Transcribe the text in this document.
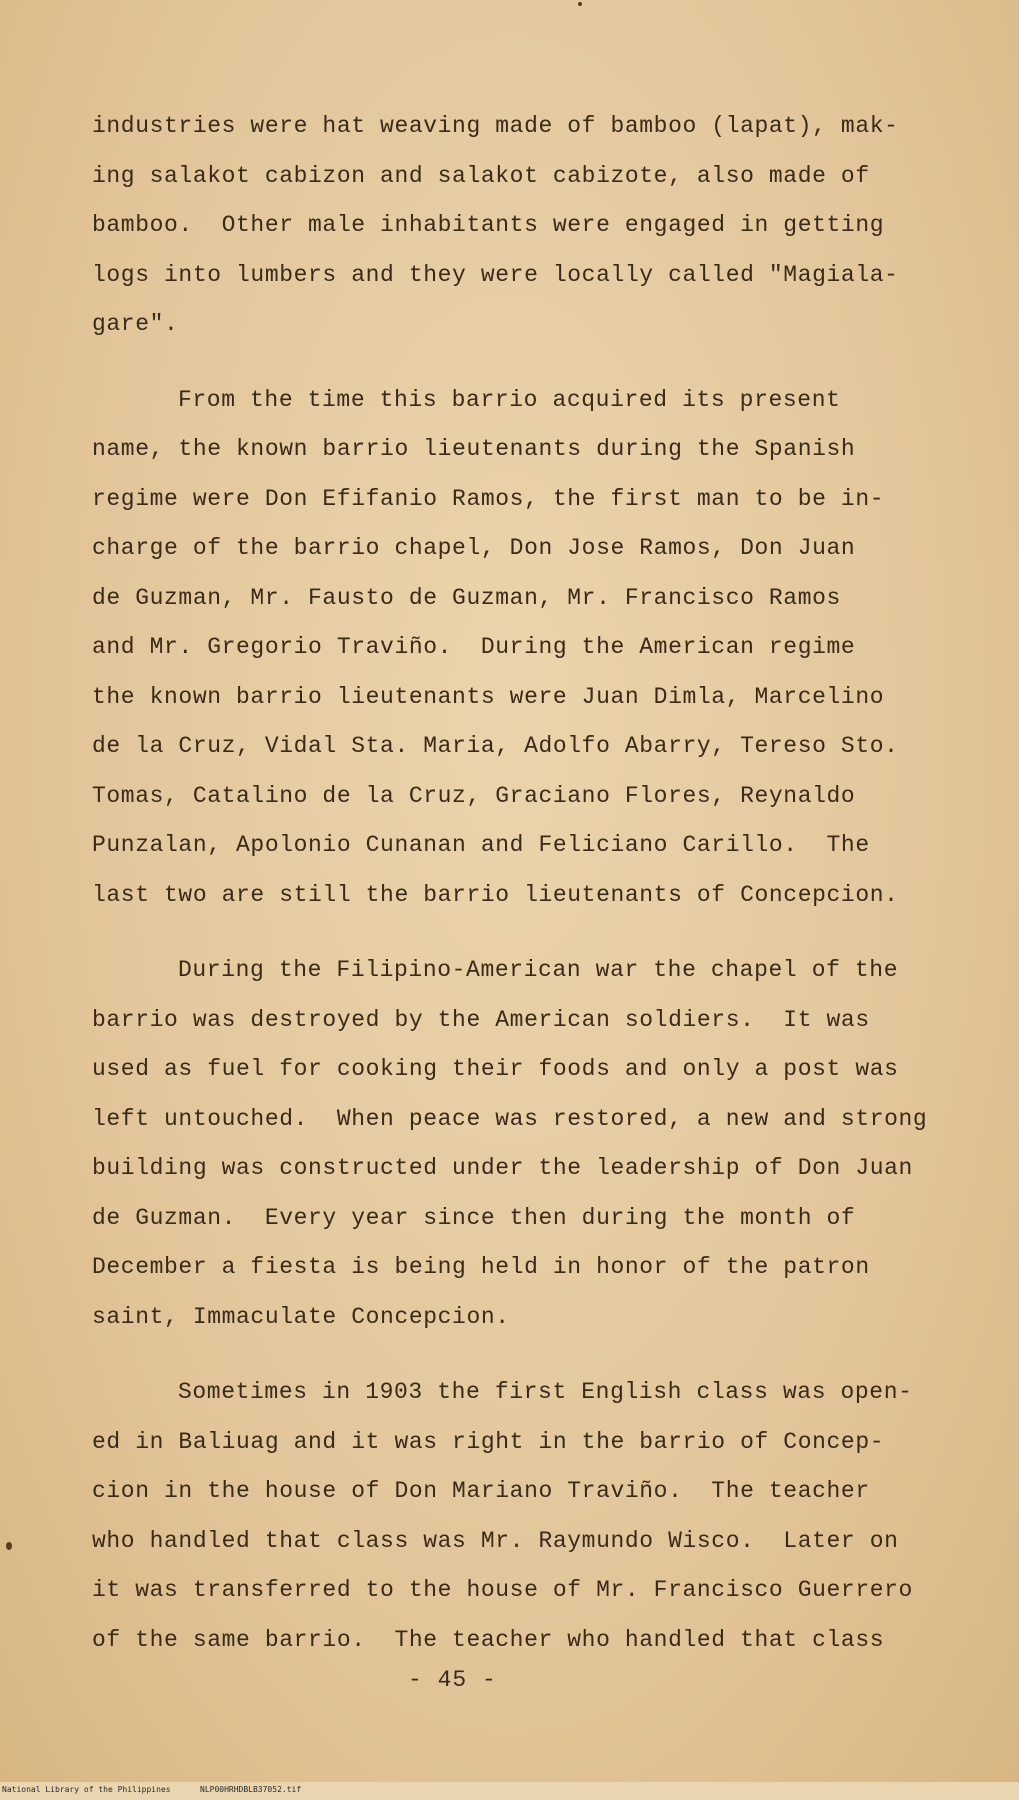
industries were hat weaving made of bamboo (lapat), mak-
ing salakot cabizon and salakot cabizote, also made of
bamboo.  Other male inhabitants were engaged in getting
logs into lumbers and they were locally called "Magiala-
gare".
From the time this barrio acquired its present
name, the known barrio lieutenants during the Spanish
regime were Don Efifanio Ramos, the first man to be in-
charge of the barrio chapel, Don Jose Ramos, Don Juan
de Guzman, Mr. Fausto de Guzman, Mr. Francisco Ramos
and Mr. Gregorio Traviño.  During the American regime
the known barrio lieutenants were Juan Dimla, Marcelino
de la Cruz, Vidal Sta. Maria, Adolfo Abarry, Tereso Sto.
Tomas, Catalino de la Cruz, Graciano Flores, Reynaldo
Punzalan, Apolonio Cunanan and Feliciano Carillo.  The
last two are still the barrio lieutenants of Concepcion.
During the Filipino-American war the chapel of the
barrio was destroyed by the American soldiers.  It was
used as fuel for cooking their foods and only a post was
left untouched.  When peace was restored, a new and strong
building was constructed under the leadership of Don Juan
de Guzman.  Every year since then during the month of
December a fiesta is being held in honor of the patron
saint, Immaculate Concepcion.
Sometimes in 1903 the first English class was open-
ed in Baliuag and it was right in the barrio of Concep-
cion in the house of Don Mariano Traviño.  The teacher
who handled that class was Mr. Raymundo Wisco.  Later on
it was transferred to the house of Mr. Francisco Guerrero
of the same barrio.  The teacher who handled that class
- 45 -
National Library of the Philippines	NLP00HRHDBLB37052.tif
